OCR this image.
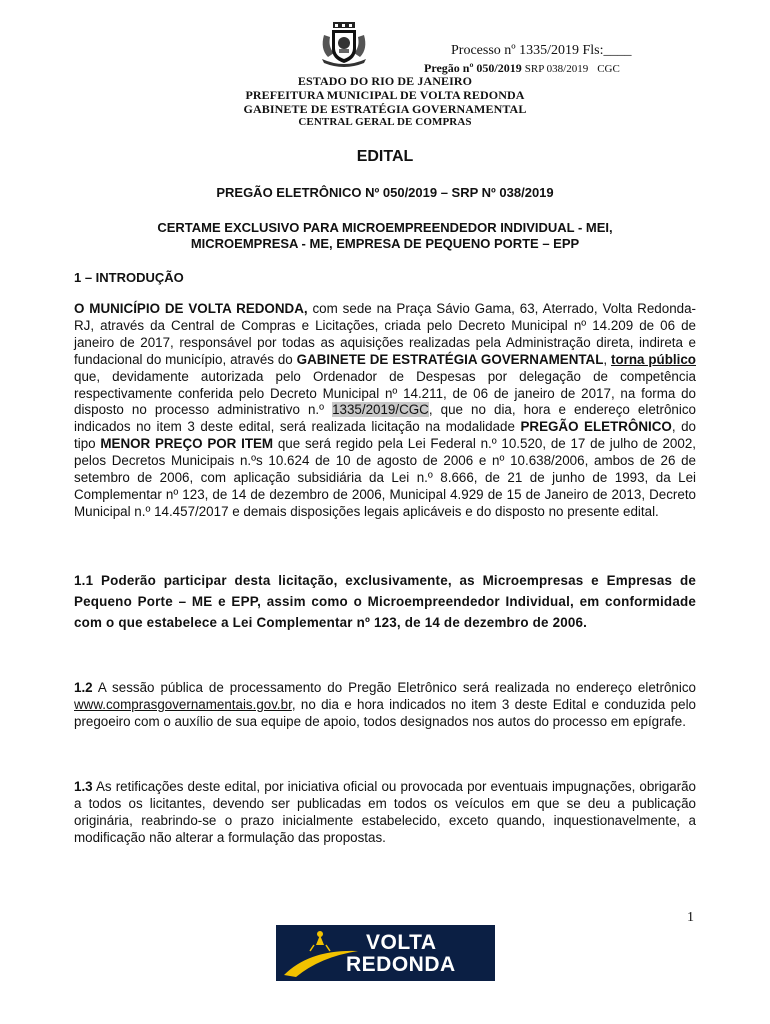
Processo nº 1335/2019 Fls:____
Pregão nº 050/2019 SRP 038/2019 CGC
ESTADO DO RIO DE JANEIRO
PREFEITURA MUNICIPAL DE VOLTA REDONDA
GABINETE DE ESTRATÉGIA GOVERNAMENTAL
CENTRAL GERAL DE COMPRAS
EDITAL
PREGÃO ELETRÔNICO Nº 050/2019 – SRP Nº 038/2019
CERTAME EXCLUSIVO PARA MICROEMPREENDEDOR INDIVIDUAL - MEI,
MICROEMPRESA - ME, EMPRESA DE PEQUENO PORTE – EPP
1 – INTRODUÇÃO
O MUNICÍPIO DE VOLTA REDONDA, com sede na Praça Sávio Gama, 63, Aterrado, Volta Redonda-RJ, através da Central de Compras e Licitações, criada pelo Decreto Municipal nº 14.209 de 06 de janeiro de 2017, responsável por todas as aquisições realizadas pela Administração direta, indireta e fundacional do município, através do GABINETE DE ESTRATÉGIA GOVERNAMENTAL, torna público que, devidamente autorizada pelo Ordenador de Despesas por delegação de competência respectivamente conferida pelo Decreto Municipal nº 14.211, de 06 de janeiro de 2017, na forma do disposto no processo administrativo n.º 1335/2019/CGC, que no dia, hora e endereço eletrônico indicados no item 3 deste edital, será realizada licitação na modalidade PREGÃO ELETRÔNICO, do tipo MENOR PREÇO POR ITEM que será regido pela Lei Federal n.º 10.520, de 17 de julho de 2002, pelos Decretos Municipais n.ºs 10.624 de 10 de agosto de 2006 e nº 10.638/2006, ambos de 26 de setembro de 2006, com aplicação subsidiária da Lei n.º 8.666, de 21 de junho de 1993, da Lei Complementar nº 123, de 14 de dezembro de 2006, Municipal 4.929 de 15 de Janeiro de 2013, Decreto Municipal n.º 14.457/2017 e demais disposições legais aplicáveis e do disposto no presente edital.
1.1 Poderão participar desta licitação, exclusivamente, as Microempresas e Empresas de Pequeno Porte – ME e EPP, assim como o Microempreendedor Individual, em conformidade com o que estabelece a Lei Complementar nº 123, de 14 de dezembro de 2006.
1.2 A sessão pública de processamento do Pregão Eletrônico será realizada no endereço eletrônico www.comprasgovernamentais.gov.br, no dia e hora indicados no item 3 deste Edital e conduzida pelo pregoeiro com o auxílio de sua equipe de apoio, todos designados nos autos do processo em epígrafe.
1.3 As retificações deste edital, por iniciativa oficial ou provocada por eventuais impugnações, obrigarão a todos os licitantes, devendo ser publicadas em todos os veículos em que se deu a publicação originária, reabrindo-se o prazo inicialmente estabelecido, exceto quando, inquestionavelmente, a modificação não alterar a formulação das propostas.
1
VOLTA
REDONDA
